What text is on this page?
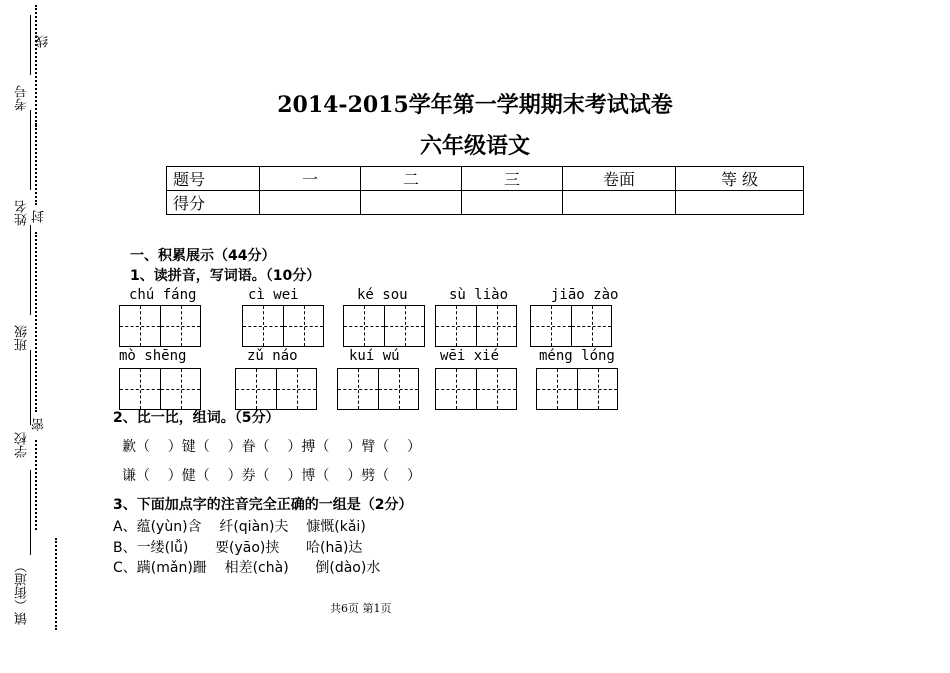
线
考号
姓名 封
班级
学校
密
镇（街道）
2014-2015学年第一学期期末考试试卷
六年级语文
题号	一	二	三	卷面	等 级
得分					
一、积累展示（44分）
1、读拼音，写词语。（10分）
chú fáng	cì wei	ké sou	sù liào	jiāo zào
mò shēng	zǔ náo	kuí wú	wēi xié	méng lóng
2、比一比，组词。（5分）
歉（    ）键（    ）眷（    ）搏（    ）臂（    ）
谦（    ）健（    ）券（    ）博（    ）劈（    ）
3、下面加点字的注音完全正确的一组是（2分）
A、蕴(yùn)含    纤(qiàn)夫    慷慨(kǎi)
B、一缕(lǚ)      要(yāo)挟      哈(hā)达
C、蹒(mǎn)跚    相差(chà)      倒(dào)水
共6页 第1页
